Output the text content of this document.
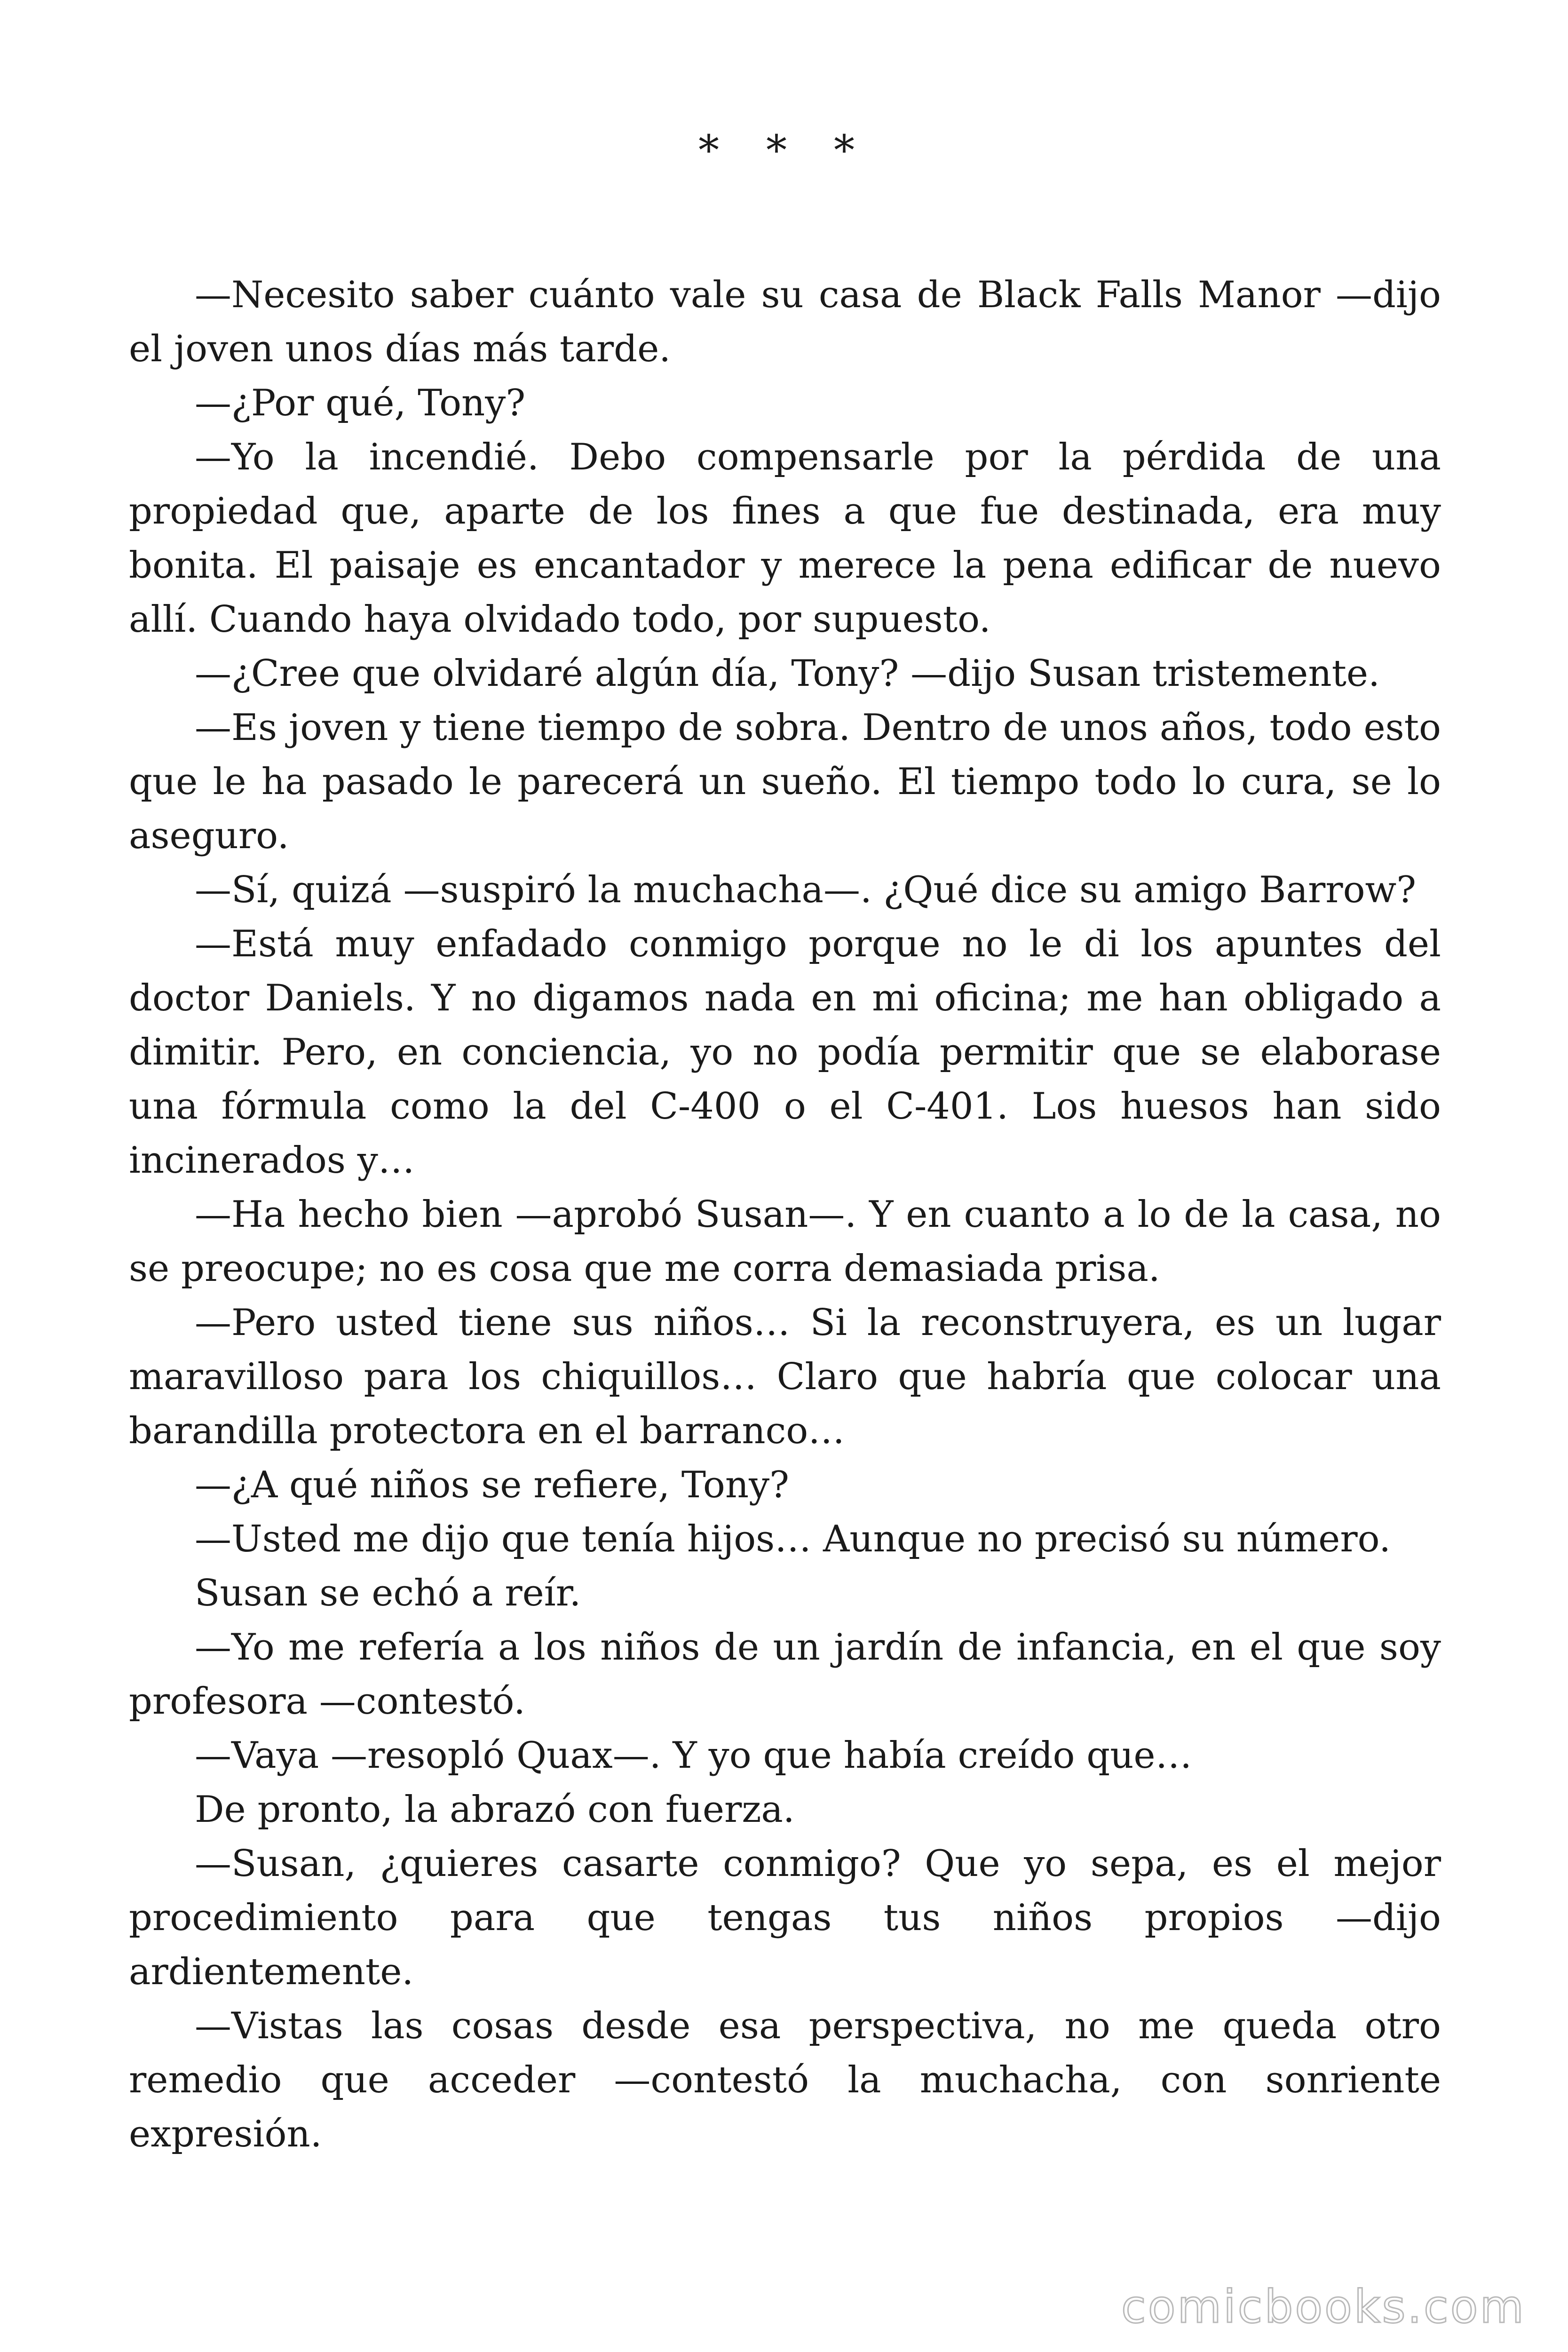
* * *

—Necesito saber cuánto vale su casa de Black Falls Manor —dijo el joven unos días más tarde.

—¿Por qué, Tony?

—Yo la incendié. Debo compensarle por la pérdida de una propiedad que, aparte de los fines a que fue destinada, era muy bonita. El paisaje es encantador y merece la pena edificar de nuevo allí. Cuando haya olvidado todo, por supuesto.

—¿Cree que olvidaré algún día, Tony? —dijo Susan tristemente.

—Es joven y tiene tiempo de sobra. Dentro de unos años, todo esto que le ha pasado le parecerá un sueño. El tiempo todo lo cura, se lo aseguro.

—Sí, quizá —suspiró la muchacha—. ¿Qué dice su amigo Barrow?

—Está muy enfadado conmigo porque no le di los apuntes del doctor Daniels. Y no digamos nada en mi oficina; me han obligado a dimitir. Pero, en conciencia, yo no podía permitir que se elaborase una fórmula como la del C-400 o el C-401. Los huesos han sido incinerados y…

—Ha hecho bien —aprobó Susan—. Y en cuanto a lo de la casa, no se preocupe; no es cosa que me corra demasiada prisa.

—Pero usted tiene sus niños… Si la reconstruyera, es un lugar maravilloso para los chiquillos… Claro que habría que colocar una barandilla protectora en el barranco…

—¿A qué niños se refiere, Tony?

—Usted me dijo que tenía hijos… Aunque no precisó su número.

Susan se echó a reír.

—Yo me refería a los niños de un jardín de infancia, en el que soy profesora —contestó.

—Vaya —resopló Quax—. Y yo que había creído que…

De pronto, la abrazó con fuerza.

—Susan, ¿quieres casarte conmigo? Que yo sepa, es el mejor procedimiento para que tengas tus niños propios —dijo ardientemente.

—Vistas las cosas desde esa perspectiva, no me queda otro remedio que acceder —contestó la muchacha, con sonriente expresión.

comicbooks.com
